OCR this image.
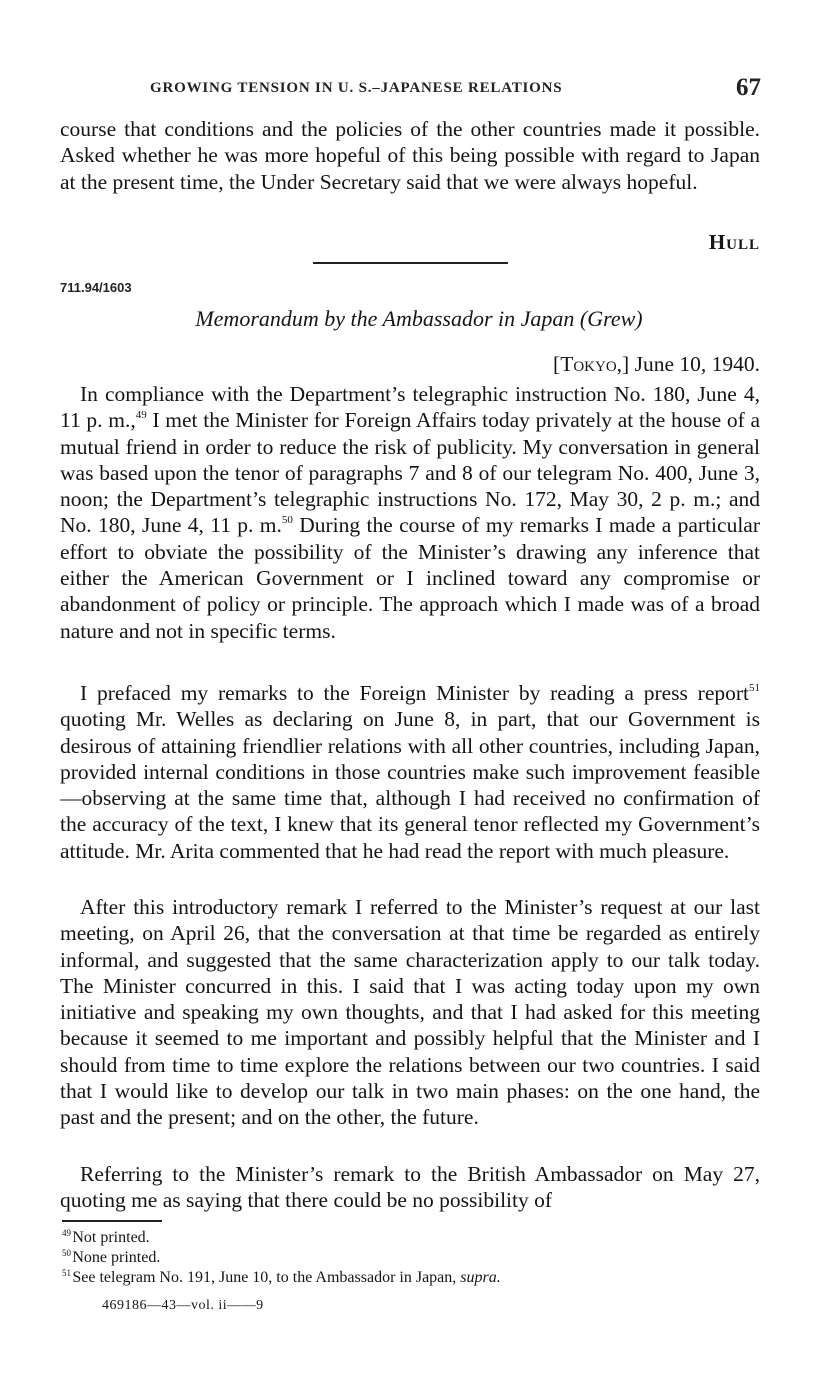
GROWING TENSION IN U. S.–JAPANESE RELATIONS	67

course that conditions and the policies of the other countries made it possible. Asked whether he was more hopeful of this being possible with regard to Japan at the present time, the Under Secretary said that we were always hopeful.

Hull
711.94/1603
Memorandum by the Ambassador in Japan (Grew)
[Tokyo,] June 10, 1940.

In compliance with the Department’s telegraphic instruction No. 180, June 4, 11 p. m.,$^{49}$ I met the Minister for Foreign Affairs today privately at the house of a mutual friend in order to reduce the risk of publicity. My conversation in general was based upon the tenor of paragraphs 7 and 8 of our telegram No. 400, June 3, noon; the Department’s telegraphic instructions No. 172, May 30, 2 p. m.; and No. 180, June 4, 11 p. m.$^{50}$ During the course of my remarks I made a particular effort to obviate the possibility of the Minister’s drawing any inference that either the American Government or I inclined toward any compromise or abandonment of policy or principle. The approach which I made was of a broad nature and not in specific terms.

I prefaced my remarks to the Foreign Minister by reading a press report$^{51}$ quoting Mr. Welles as declaring on June 8, in part, that our Government is desirous of attaining friendlier relations with all other countries, including Japan, provided internal conditions in those countries make such improvement feasible—observing at the same time that, although I had received no confirmation of the accuracy of the text, I knew that its general tenor reflected my Government’s attitude. Mr. Arita commented that he had read the report with much pleasure.

After this introductory remark I referred to the Minister’s request at our last meeting, on April 26, that the conversation at that time be regarded as entirely informal, and suggested that the same characterization apply to our talk today. The Minister concurred in this. I said that I was acting today upon my own initiative and speaking my own thoughts, and that I had asked for this meeting because it seemed to me important and possibly helpful that the Minister and I should from time to time explore the relations between our two countries. I said that I would like to develop our talk in two main phases: on the one hand, the past and the present; and on the other, the future.

Referring to the Minister’s remark to the British Ambassador on May 27, quoting me as saying that there could be no possibility of

$^{49}$ Not printed.

$^{50}$ None printed.

$^{51}$ See telegram No. 191, June 10, to the Ambassador in Japan, supra.

469186—43—vol. ii——9
